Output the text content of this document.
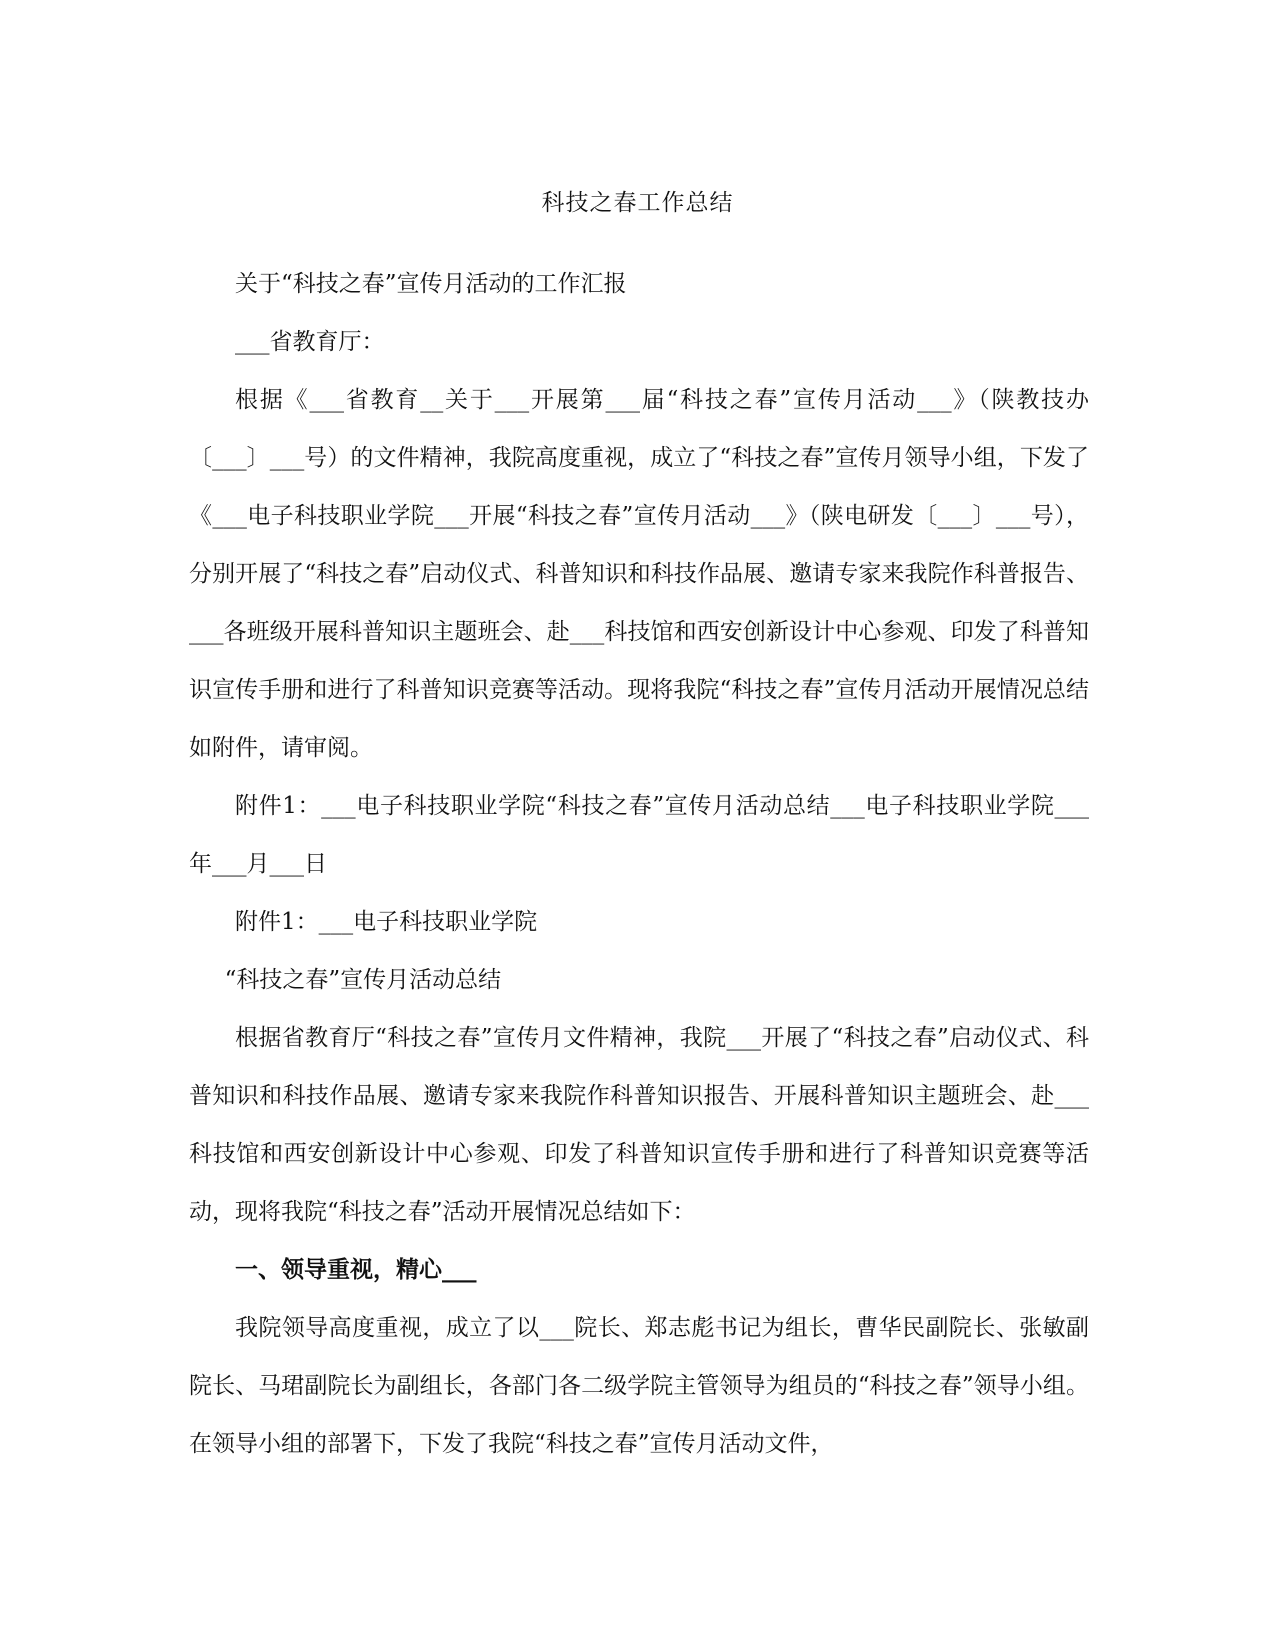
科技之春工作总结

关于“科技之春”宣传月活动的工作汇报

___省教育厅：

根据《___省教育__关于___开展第___届“科技之春”宣传月活动___》（陕教技办〔___〕___号）的文件精神，我院高度重视，成立了“科技之春”宣传月领导小组，下发了《___电子科技职业学院___开展“科技之春”宣传月活动___》（陕电研发〔___〕___号），分别开展了“科技之春”启动仪式、科普知识和科技作品展、邀请专家来我院作科普报告、___各班级开展科普知识主题班会、赴___科技馆和西安创新设计中心参观、印发了科普知识宣传手册和进行了科普知识竞赛等活动。现将我院“科技之春”宣传月活动开展情况总结如附件，请审阅。

附件1：___电子科技职业学院“科技之春”宣传月活动总结___电子科技职业学院___年___月___日

附件1：___电子科技职业学院

“科技之春”宣传月活动总结

根据省教育厅“科技之春”宣传月文件精神，我院___开展了“科技之春”启动仪式、科普知识和科技作品展、邀请专家来我院作科普知识报告、开展科普知识主题班会、赴___科技馆和西安创新设计中心参观、印发了科普知识宣传手册和进行了科普知识竞赛等活动，现将我院“科技之春”活动开展情况总结如下：

一、领导重视，精心___

我院领导高度重视，成立了以___院长、郑志彪书记为组长，曹华民副院长、张敏副院长、马珺副院长为副组长，各部门各二级学院主管领导为组员的“科技之春”领导小组。在领导小组的部署下，下发了我院“科技之春”宣传月活动文件，
